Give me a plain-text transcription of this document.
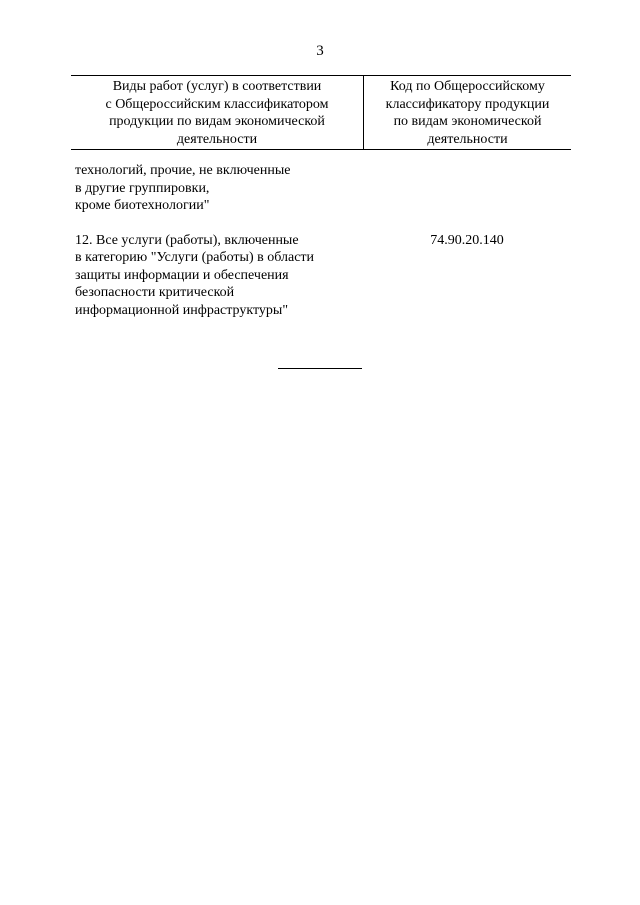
3
Виды работ (услуг) в соответствии
с Общероссийским классификатором
продукции по видам экономической
деятельности
Код по Общероссийскому
классификатору продукции
по видам экономической
деятельности
технологий, прочие, не включенные
в другие группировки,
кроме биотехнологии"
12. Все услуги (работы), включенные
в категорию "Услуги (работы) в области
защиты информации и обеспечения
безопасности критической
информационной инфраструктуры"
74.90.20.140
